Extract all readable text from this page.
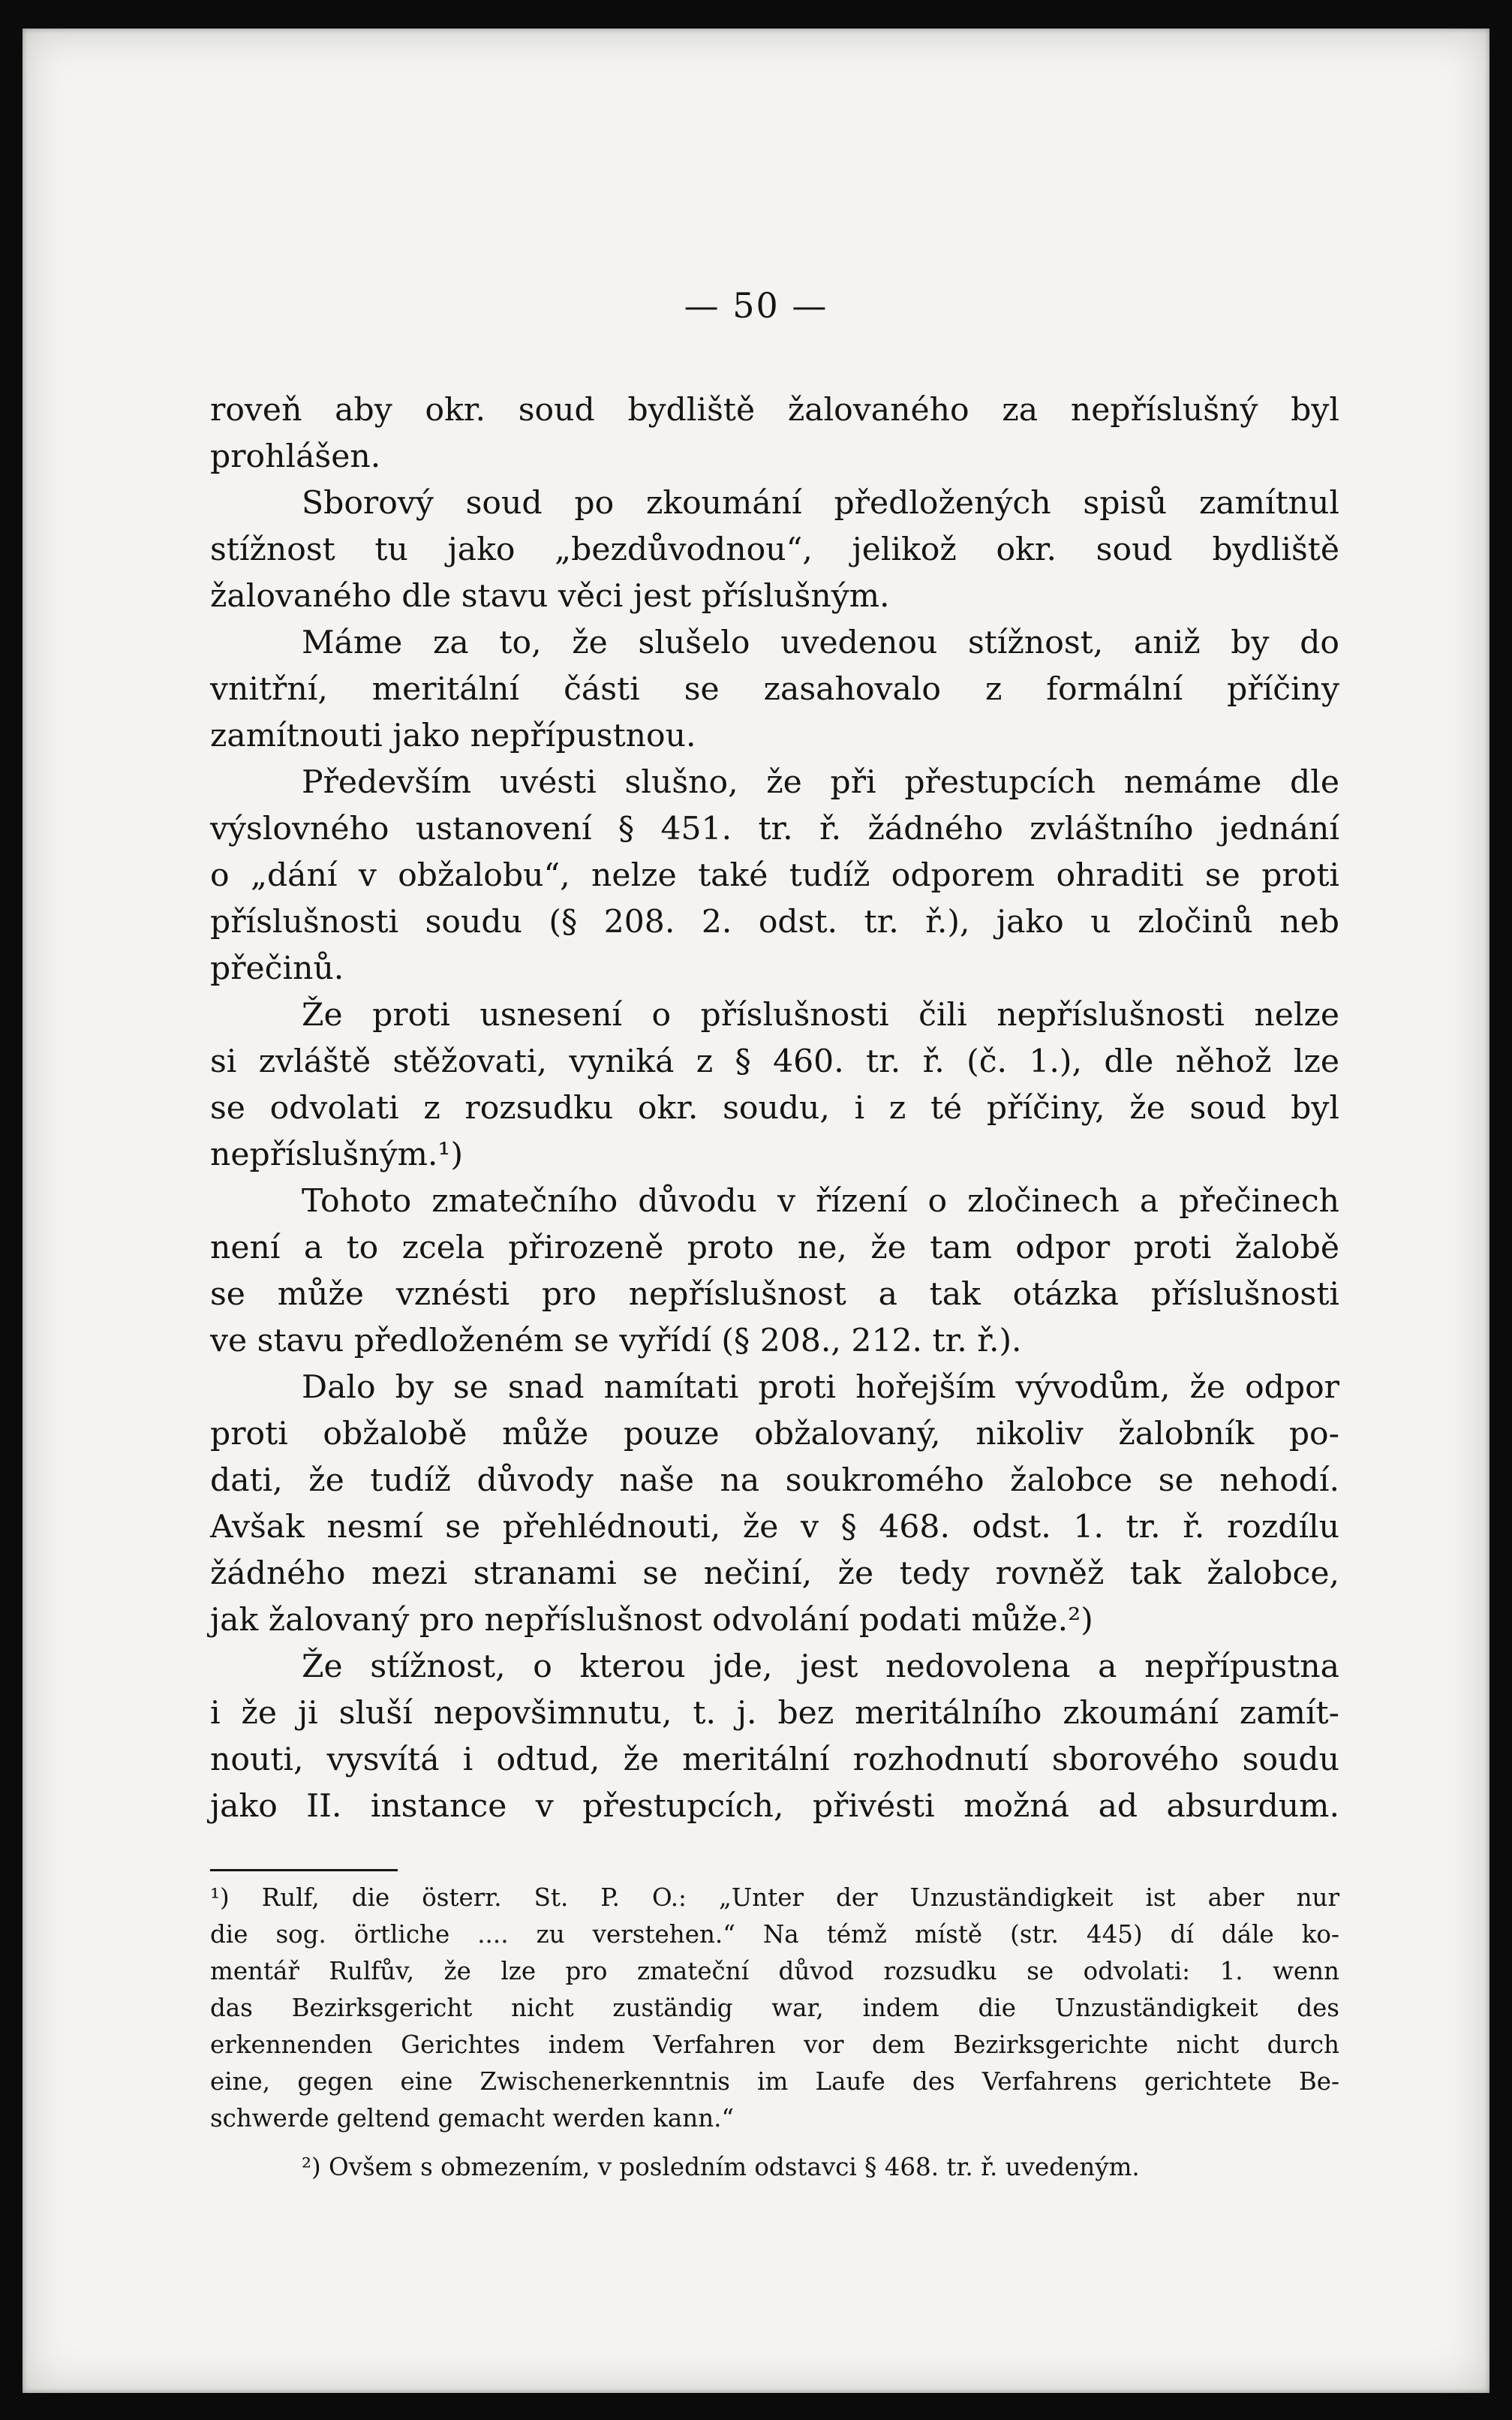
— 50 —
roveň aby okr. soud bydliště žalovaného za nepříslušný byl
prohlášen.
Sborový soud po zkoumání předložených spisů zamítnul
stížnost tu jako „bezdůvodnou“, jelikož okr. soud bydliště
žalovaného dle stavu věci jest příslušným.
Máme za to, že slušelo uvedenou stížnost, aniž by do
vnitřní, meritální části se zasahovalo z formální příčiny
zamítnouti jako nepřípustnou.
Především uvésti slušno, že při přestupcích nemáme dle
výslovného ustanovení § 451. tr. ř. žádného zvláštního jednání
o „dání v obžalobu“, nelze také tudíž odporem ohraditi se proti
příslušnosti soudu (§ 208. 2. odst. tr. ř.), jako u zločinů neb
přečinů.
Že proti usnesení o příslušnosti čili nepříslušnosti nelze
si zvláště stěžovati, vyniká z § 460. tr. ř. (č. 1.), dle něhož lze
se odvolati z rozsudku okr. soudu, i z té příčiny, že soud byl
nepříslušným.¹)
Tohoto zmatečního důvodu v řízení o zločinech a přečinech
není a to zcela přirozeně proto ne, že tam odpor proti žalobě
se může vznésti pro nepříslušnost a tak otázka příslušnosti
ve stavu předloženém se vyřídí (§ 208., 212. tr. ř.).
Dalo by se snad namítati proti hořejším vývodům, že odpor
proti obžalobě může pouze obžalovaný, nikoliv žalobník po-
dati, že tudíž důvody naše na soukromého žalobce se nehodí.
Avšak nesmí se přehlédnouti, že v § 468. odst. 1. tr. ř. rozdílu
žádného mezi stranami se nečiní, že tedy rovněž tak žalobce,
jak žalovaný pro nepříslušnost odvolání podati může.²)
Že stížnost, o kterou jde, jest nedovolena a nepřípustna
i že ji sluší nepovšimnutu, t. j. bez meritálního zkoumání zamít-
nouti, vysvítá i odtud, že meritální rozhodnutí sborového soudu
jako II. instance v přestupcích, přivésti možná ad absurdum.
¹) Rulf, die österr. St. P. O.: „Unter der Unzuständigkeit ist aber nur
die sog. örtliche .... zu verstehen.“ Na témž místě (str. 445) dí dále ko-
mentář Rulfův, že lze pro zmateční důvod rozsudku se odvolati: 1. wenn
das Bezirksgericht nicht zuständig war, indem die Unzuständigkeit des
erkennenden Gerichtes indem Verfahren vor dem Bezirksgerichte nicht durch
eine, gegen eine Zwischenerkenntnis im Laufe des Verfahrens gerichtete Be-
schwerde geltend gemacht werden kann.“
²) Ovšem s obmezením, v posledním odstavci § 468. tr. ř. uvedeným.
